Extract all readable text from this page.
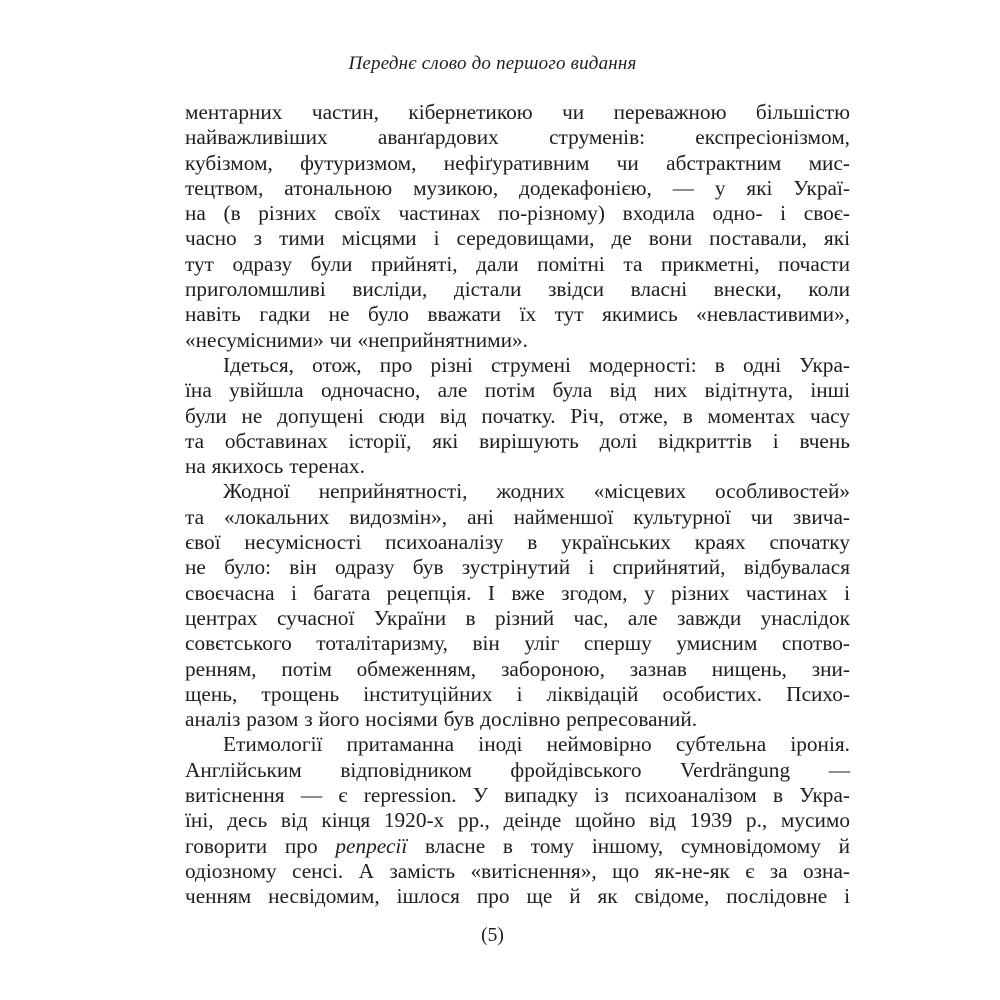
Переднє слово до першого видання
ментарних частин, кібернетикою чи переважною більшістю
найважливіших аванґардових струменів: експресіонізмом,
кубізмом, футуризмом, нефіґуративним чи абстрактним мис-
тецтвом, атональною музикою, додекафонією, — у які Украї-
на (в різних своїх частинах по-різному) входила одно- і своє-
часно з тими місцями і середовищами, де вони поставали, які
тут одразу були прийняті, дали помітні та прикметні, почасти
приголомшливі висліди, дістали звідси власні внески, коли
навіть гадки не було вважати їх тут якимись «невластивими»,
«несумісними» чи «неприйнятними».
Ідеться, отож, про різні струмені модерності: в одні Укра-
їна увійшла одночасно, але потім була від них відітнута, інші
були не допущені сюди від початку. Річ, отже, в моментах часу
та обставинах історії, які вирішують долі відкриттів і вчень
на якихось теренах.
Жодної неприйнятності, жодних «місцевих особливостей»
та «локальних видозмін», ані найменшої культурної чи звича-
євої несумісності психоаналізу в українських краях спочатку
не було: він одразу був зустрінутий і сприйнятий, відбувалася
своєчасна і багата рецепція. І вже згодом, у різних частинах і
центрах сучасної України в різний час, але завжди унаслідок
совєтського тоталітаризму, він уліг спершу умисним спотво-
ренням, потім обмеженням, забороною, зазнав нищень, зни-
щень, трощень інституційних і ліквідацій особистих. Психо-
аналіз разом з його носіями був дослівно репресований.
Етимології притаманна іноді неймовірно субтельна іронія.
Англійським відповідником фройдівського Verdrängung —
витіснення — є repression. У випадку із психоаналізом в Укра-
їні, десь від кінця 1920-х рр., деінде щойно від 1939 р., мусимо
говорити про репресії власне в тому іншому, сумновідомому й
одіозному сенсі. А замість «витіснення», що як-не-як є за озна-
ченням несвідомим, ішлося про ще й як свідоме, послідовне і
(5)
